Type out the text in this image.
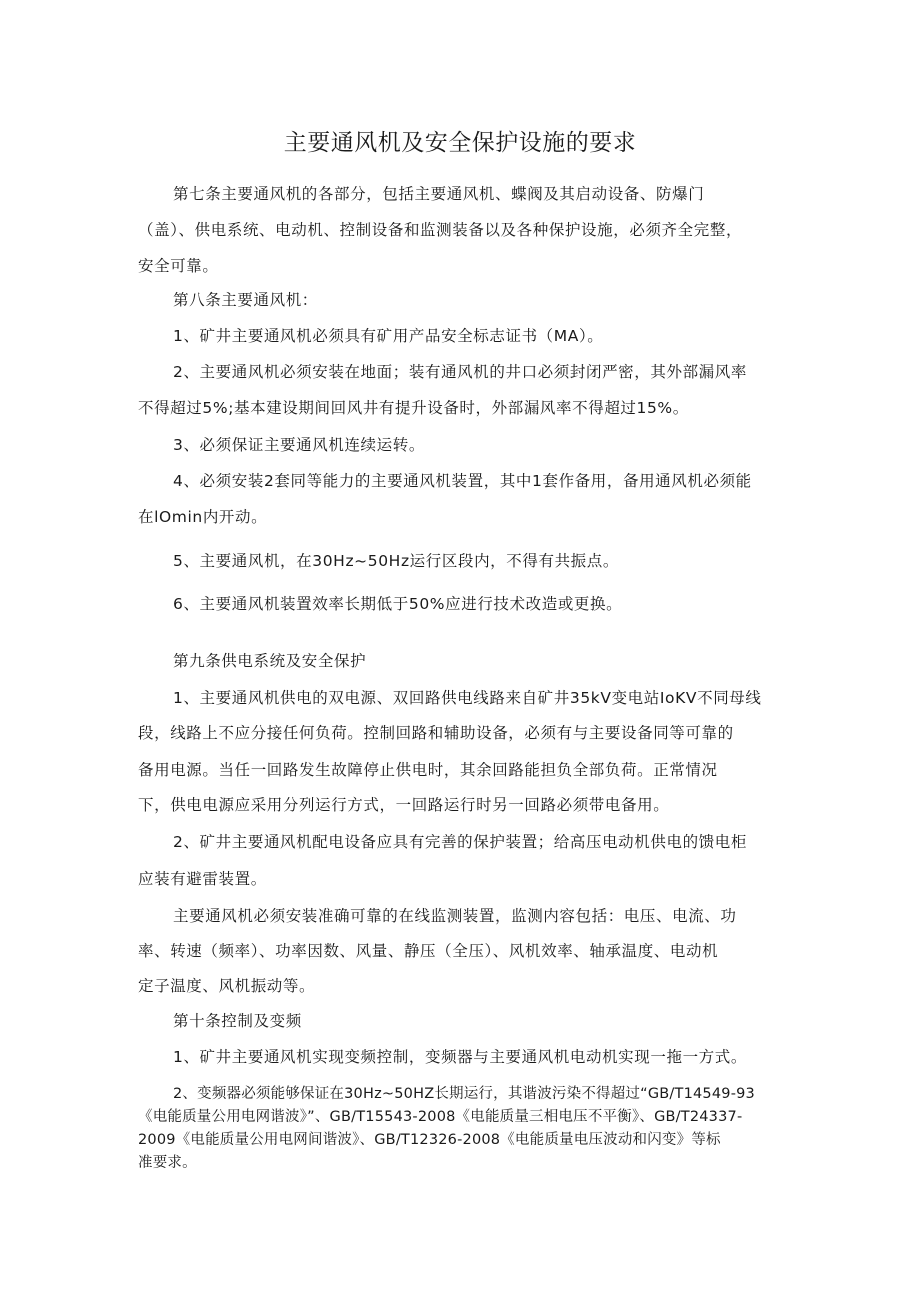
主要通风机及安全保护设施的要求

第七条主要通风机的各部分，包括主要通风机、蝶阀及其启动设备、防爆门

（盖）、供电系统、电动机、控制设备和监测装备以及各种保护设施，必须齐全完整，

安全可靠。

第八条主要通风机：

1、矿井主要通风机必须具有矿用产品安全标志证书（MA）。

2、主要通风机必须安装在地面；装有通风机的井口必须封闭严密，其外部漏风率

不得超过5%;基本建设期间回风井有提升设备时，外部漏风率不得超过15%。

3、必须保证主要通风机连续运转。

4、必须安装2套同等能力的主要通风机装置，其中1套作备用，备用通风机必须能

在lOmin内开动。

5、主要通风机，在30Hz~50Hz运行区段内，不得有共振点。

6、主要通风机装置效率长期低于50%应进行技术改造或更换。

第九条供电系统及安全保护

1、主要通风机供电的双电源、双回路供电线路来自矿井35kV变电站IoKV不同母线

段，线路上不应分接任何负荷。控制回路和辅助设备，必须有与主要设备同等可靠的

备用电源。当任一回路发生故障停止供电时，其余回路能担负全部负荷。正常情况

下，供电电源应采用分列运行方式，一回路运行时另一回路必须带电备用。

2、矿井主要通风机配电设备应具有完善的保护装置；给高压电动机供电的馈电柜

应装有避雷装置。

主要通风机必须安装准确可靠的在线监测装置，监测内容包括：电压、电流、功

率、转速（频率）、功率因数、风量、静压（全压）、风机效率、轴承温度、电动机

定子温度、风机振动等。

第十条控制及变频

1、矿井主要通风机实现变频控制，变频器与主要通风机电动机实现一拖一方式。

2、变频器必须能够保证在30Hz~50HZ长期运行，其谐波污染不得超过“GB/T14549-93

《电能质量公用电网谐波》”、GB/T15543-2008《电能质量三相电压不平衡》、GB/T24337-

2009《电能质量公用电网间谐波》、GB/T12326-2008《电能质量电压波动和闪变》等标

准要求。
